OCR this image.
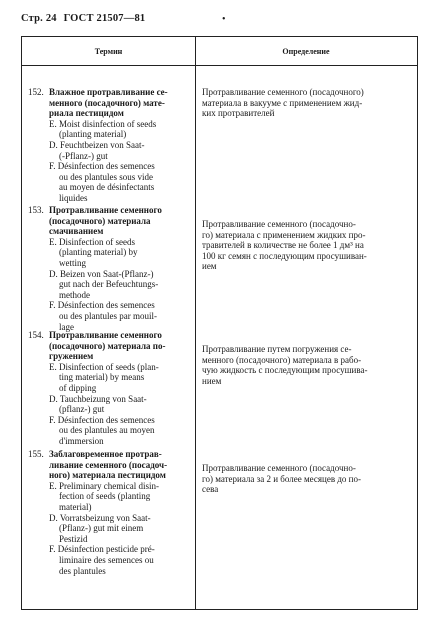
Стр. 24 ГОСТ 21507—81	•
Термин	Определение
152. Влажное протравливание се-
менного (посадочного) мате-
риала пестицидом
E. Moist disinfection of seeds
(planting material)
D. Feuchtbeizen von Saat-
(-Pflanz-) gut
F. Désinfection des semences
ou des plantules sous vide
au moyen de désinfectants
liquides
Протравливание семенного (посадочного)
материала в вакууме с применением жид-
ких протравителей
153. Протравливание семенного
(посадочного) материала
смачиванием
E. Disinfection of seeds
(planting material) by
wetting
D. Beizen von Saat-(Pflanz-)
gut nach der Befeuchtungs-
methode
F. Désinfection des semences
ou des plantules par mouil-
lage
Протравливание семенного (посадочно-
го) материала с применением жидких про-
травителей в количестве не более 1 дм³ на
100 кг семян с последующим просушиван-
ием
154. Протравливание семенного
(посадочного) материала по-
гружением
E. Disinfection of seeds (plan-
ting material) by means
of dipping
D. Tauchbeizung von Saat-
(pflanz-) gut
F. Désinfection des semences
ou des plantules au moyen
d'immersion
Протравливание путем погружения се-
менного (посадочного) материала в рабо-
чую жидкость с последующим просушива-
нием
155. Заблаговременное протрав-
ливание семенного (посадоч-
ного) материала пестицидом
E. Preliminary chemical disin-
fection of seeds (planting
material)
D. Vorratsbeizung von Saat-
(Pflanz-) gut mit einem
Pestizid
F. Désinfection pesticide pré-
liminaire des semences ou
des plantules
Протравливание семенного (посадочно-
го) материала за 2 и более месяцев до по-
сева
